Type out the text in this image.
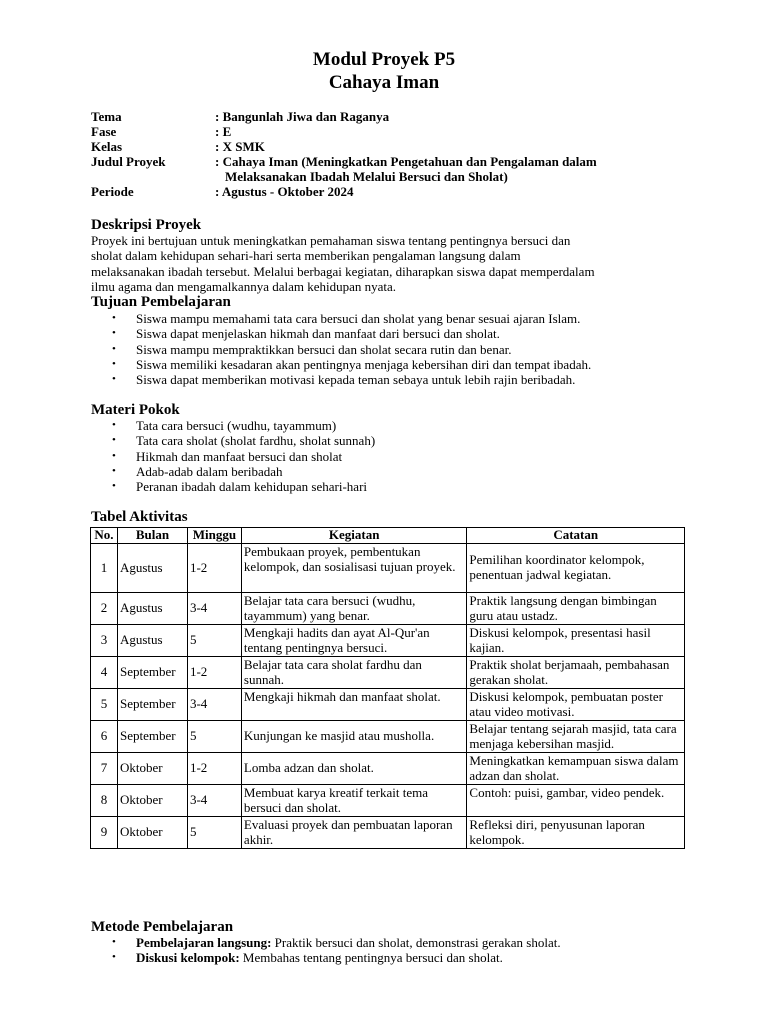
Modul Proyek P5
Cahaya Iman
Tema	: Bangunlah Jiwa dan Raganya
Fase	: E
Kelas	: X SMK
Judul Proyek	: Cahaya Iman (Meningkatkan Pengetahuan dan Pengalaman dalam
Melaksanakan Ibadah Melalui Bersuci dan Sholat)
Periode	: Agustus - Oktober 2024
Deskripsi Proyek
Proyek ini bertujuan untuk meningkatkan pemahaman siswa tentang pentingnya bersuci dan
sholat dalam kehidupan sehari-hari serta memberikan pengalaman langsung dalam
melaksanakan ibadah tersebut. Melalui berbagai kegiatan, diharapkan siswa dapat memperdalam
ilmu agama dan mengamalkannya dalam kehidupan nyata.
Tujuan Pembelajaran
• Siswa mampu memahami tata cara bersuci dan sholat yang benar sesuai ajaran Islam.
• Siswa dapat menjelaskan hikmah dan manfaat dari bersuci dan sholat.
• Siswa mampu mempraktikkan bersuci dan sholat secara rutin dan benar.
• Siswa memiliki kesadaran akan pentingnya menjaga kebersihan diri dan tempat ibadah.
• Siswa dapat memberikan motivasi kepada teman sebaya untuk lebih rajin beribadah.
Materi Pokok
• Tata cara bersuci (wudhu, tayammum)
• Tata cara sholat (sholat fardhu, sholat sunnah)
• Hikmah dan manfaat bersuci dan sholat
• Adab-adab dalam beribadah
• Peranan ibadah dalam kehidupan sehari-hari
Tabel Aktivitas
No.	Bulan	Minggu	Kegiatan	Catatan
1	Agustus	1-2	Pembukaan proyek, pembentukan kelompok, dan sosialisasi tujuan proyek.	Pemilihan koordinator kelompok, penentuan jadwal kegiatan.
2	Agustus	3-4	Belajar tata cara bersuci (wudhu, tayammum) yang benar.	Praktik langsung dengan bimbingan guru atau ustadz.
3	Agustus	5	Mengkaji hadits dan ayat Al-Qur'an tentang pentingnya bersuci.	Diskusi kelompok, presentasi hasil kajian.
4	September	1-2	Belajar tata cara sholat fardhu dan sunnah.	Praktik sholat berjamaah, pembahasan gerakan sholat.
5	September	3-4	Mengkaji hikmah dan manfaat sholat.	Diskusi kelompok, pembuatan poster atau video motivasi.
6	September	5	Kunjungan ke masjid atau musholla.	Belajar tentang sejarah masjid, tata cara menjaga kebersihan masjid.
7	Oktober	1-2	Lomba adzan dan sholat.	Meningkatkan kemampuan siswa dalam adzan dan sholat.
8	Oktober	3-4	Membuat karya kreatif terkait tema bersuci dan sholat.	Contoh: puisi, gambar, video pendek.
9	Oktober	5	Evaluasi proyek dan pembuatan laporan akhir.	Refleksi diri, penyusunan laporan kelompok.
Metode Pembelajaran
• Pembelajaran langsung: Praktik bersuci dan sholat, demonstrasi gerakan sholat.
• Diskusi kelompok: Membahas tentang pentingnya bersuci dan sholat.
